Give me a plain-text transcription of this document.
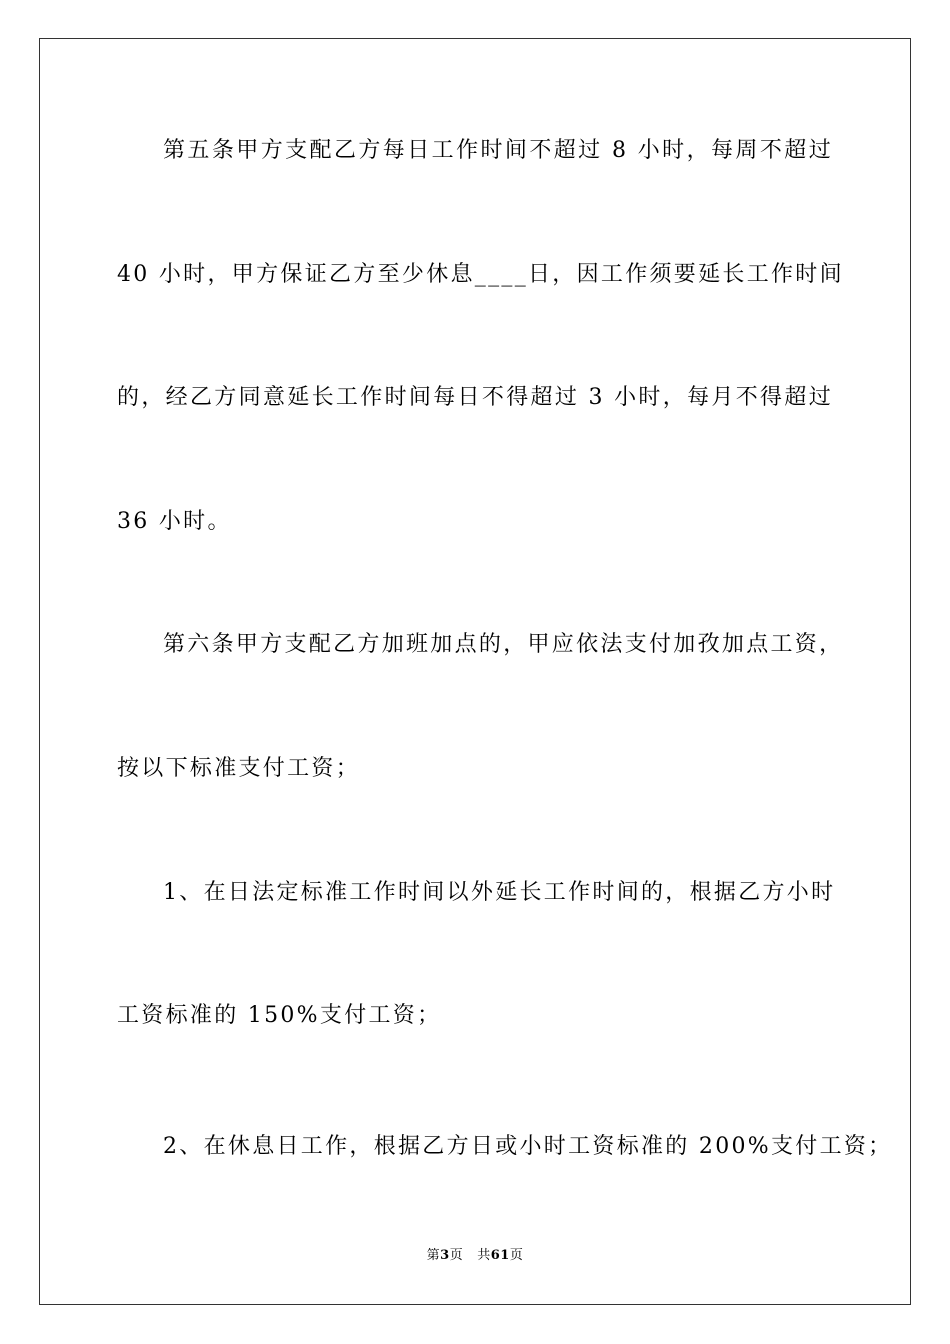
第五条甲方支配乙方每日工作时间不超过 8 小时，每周不超过
40 小时，甲方保证乙方至少休息____日，因工作须要延长工作时间
的，经乙方同意延长工作时间每日不得超过 3 小时，每月不得超过
36 小时。
第六条甲方支配乙方加班加点的，甲应依法支付加孜加点工资，
按以下标准支付工资；
1、在日法定标准工作时间以外延长工作时间的，根据乙方小时
工资标准的 150%支付工资；
2、在休息日工作，根据乙方日或小时工资标准的 200%支付工资；
第3页 共61页
